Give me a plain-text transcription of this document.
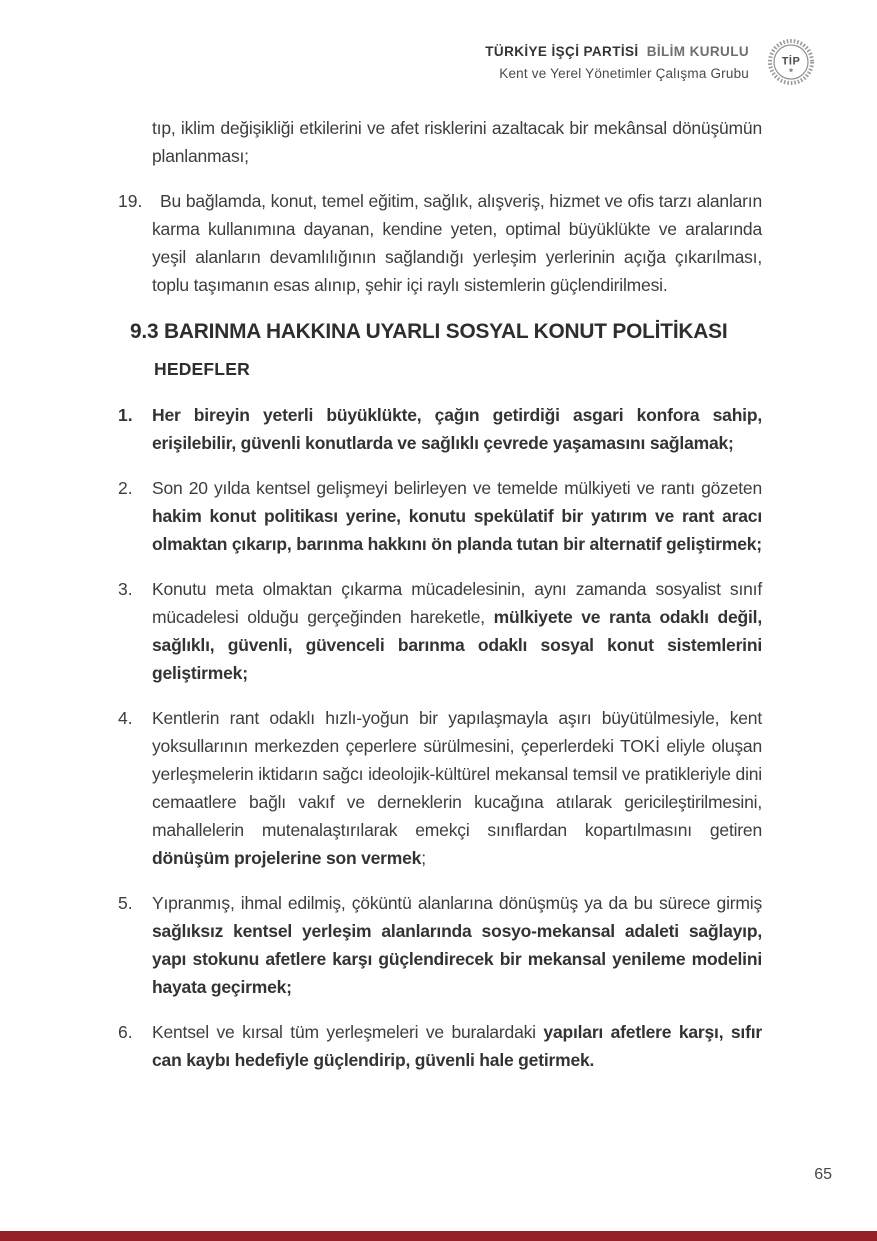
TÜRKİYE İŞÇİ PARTİSİ BİLİM KURULU
Kent ve Yerel Yönetimler Çalışma Grubu
TİP
★

tıp, iklim değişikliği etkilerini ve afet risklerini azaltacak bir mekânsal dönüşümün planlanması;

19.	Bu bağlamda, konut, temel eğitim, sağlık, alışveriş, hizmet ve ofis tarzı alanların karma kullanımına dayanan, kendine yeten, optimal büyüklükte ve aralarında yeşil alanların devamlılığının sağlandığı yerleşim yerlerinin açığa çıkarılması, toplu taşımanın esas alınıp, şehir içi raylı sistemlerin güçlendirilmesi.
9.3 BARINMA HAKKINA UYARLI SOSYAL KONUT POLİTİKASI
HEDEFLER
1.	Her bireyin yeterli büyüklükte, çağın getirdiği asgari konfora sahip, erişilebilir, güvenli konutlarda ve sağlıklı çevrede yaşamasını sağlamak;
2.	Son 20 yılda kentsel gelişmeyi belirleyen ve temelde mülkiyeti ve rantı gözeten hakim konut politikası yerine, konutu spekülatif bir yatırım ve rant aracı olmaktan çıkarıp, barınma hakkını ön planda tutan bir alternatif geliştirmek;
3.	Konutu meta olmaktan çıkarma mücadelesinin, aynı zamanda sosyalist sınıf mücadelesi olduğu gerçeğinden hareketle, mülkiyete ve ranta odaklı değil, sağlıklı, güvenli, güvenceli barınma odaklı sosyal konut sistemlerini geliştirmek;
4.	Kentlerin rant odaklı hızlı-yoğun bir yapılaşmayla aşırı büyütülmesiyle, kent yoksullarının merkezden çeperlere sürülmesini, çeperlerdeki TOKİ eliyle oluşan yerleşmelerin iktidarın sağcı ideolojik-kültürel mekansal temsil ve pratikleriyle dini cemaatlere bağlı vakıf ve derneklerin kucağına atılarak gericileştirilmesini, mahallelerin mutenalaştırılarak emekçi sınıflardan kopartılmasını getiren dönüşüm projelerine son vermek;
5.	Yıpranmış, ihmal edilmiş, çöküntü alanlarına dönüşmüş ya da bu sürece girmiş sağlıksız kentsel yerleşim alanlarında sosyo-mekansal adaleti sağlayıp, yapı stokunu afetlere karşı güçlendirecek bir mekansal yenileme modelini hayata geçirmek;
6.	Kentsel ve kırsal tüm yerleşmeleri ve buralardaki yapıları afetlere karşı, sıfır can kaybı hedefiyle güçlendirip, güvenli hale getirmek.
65
